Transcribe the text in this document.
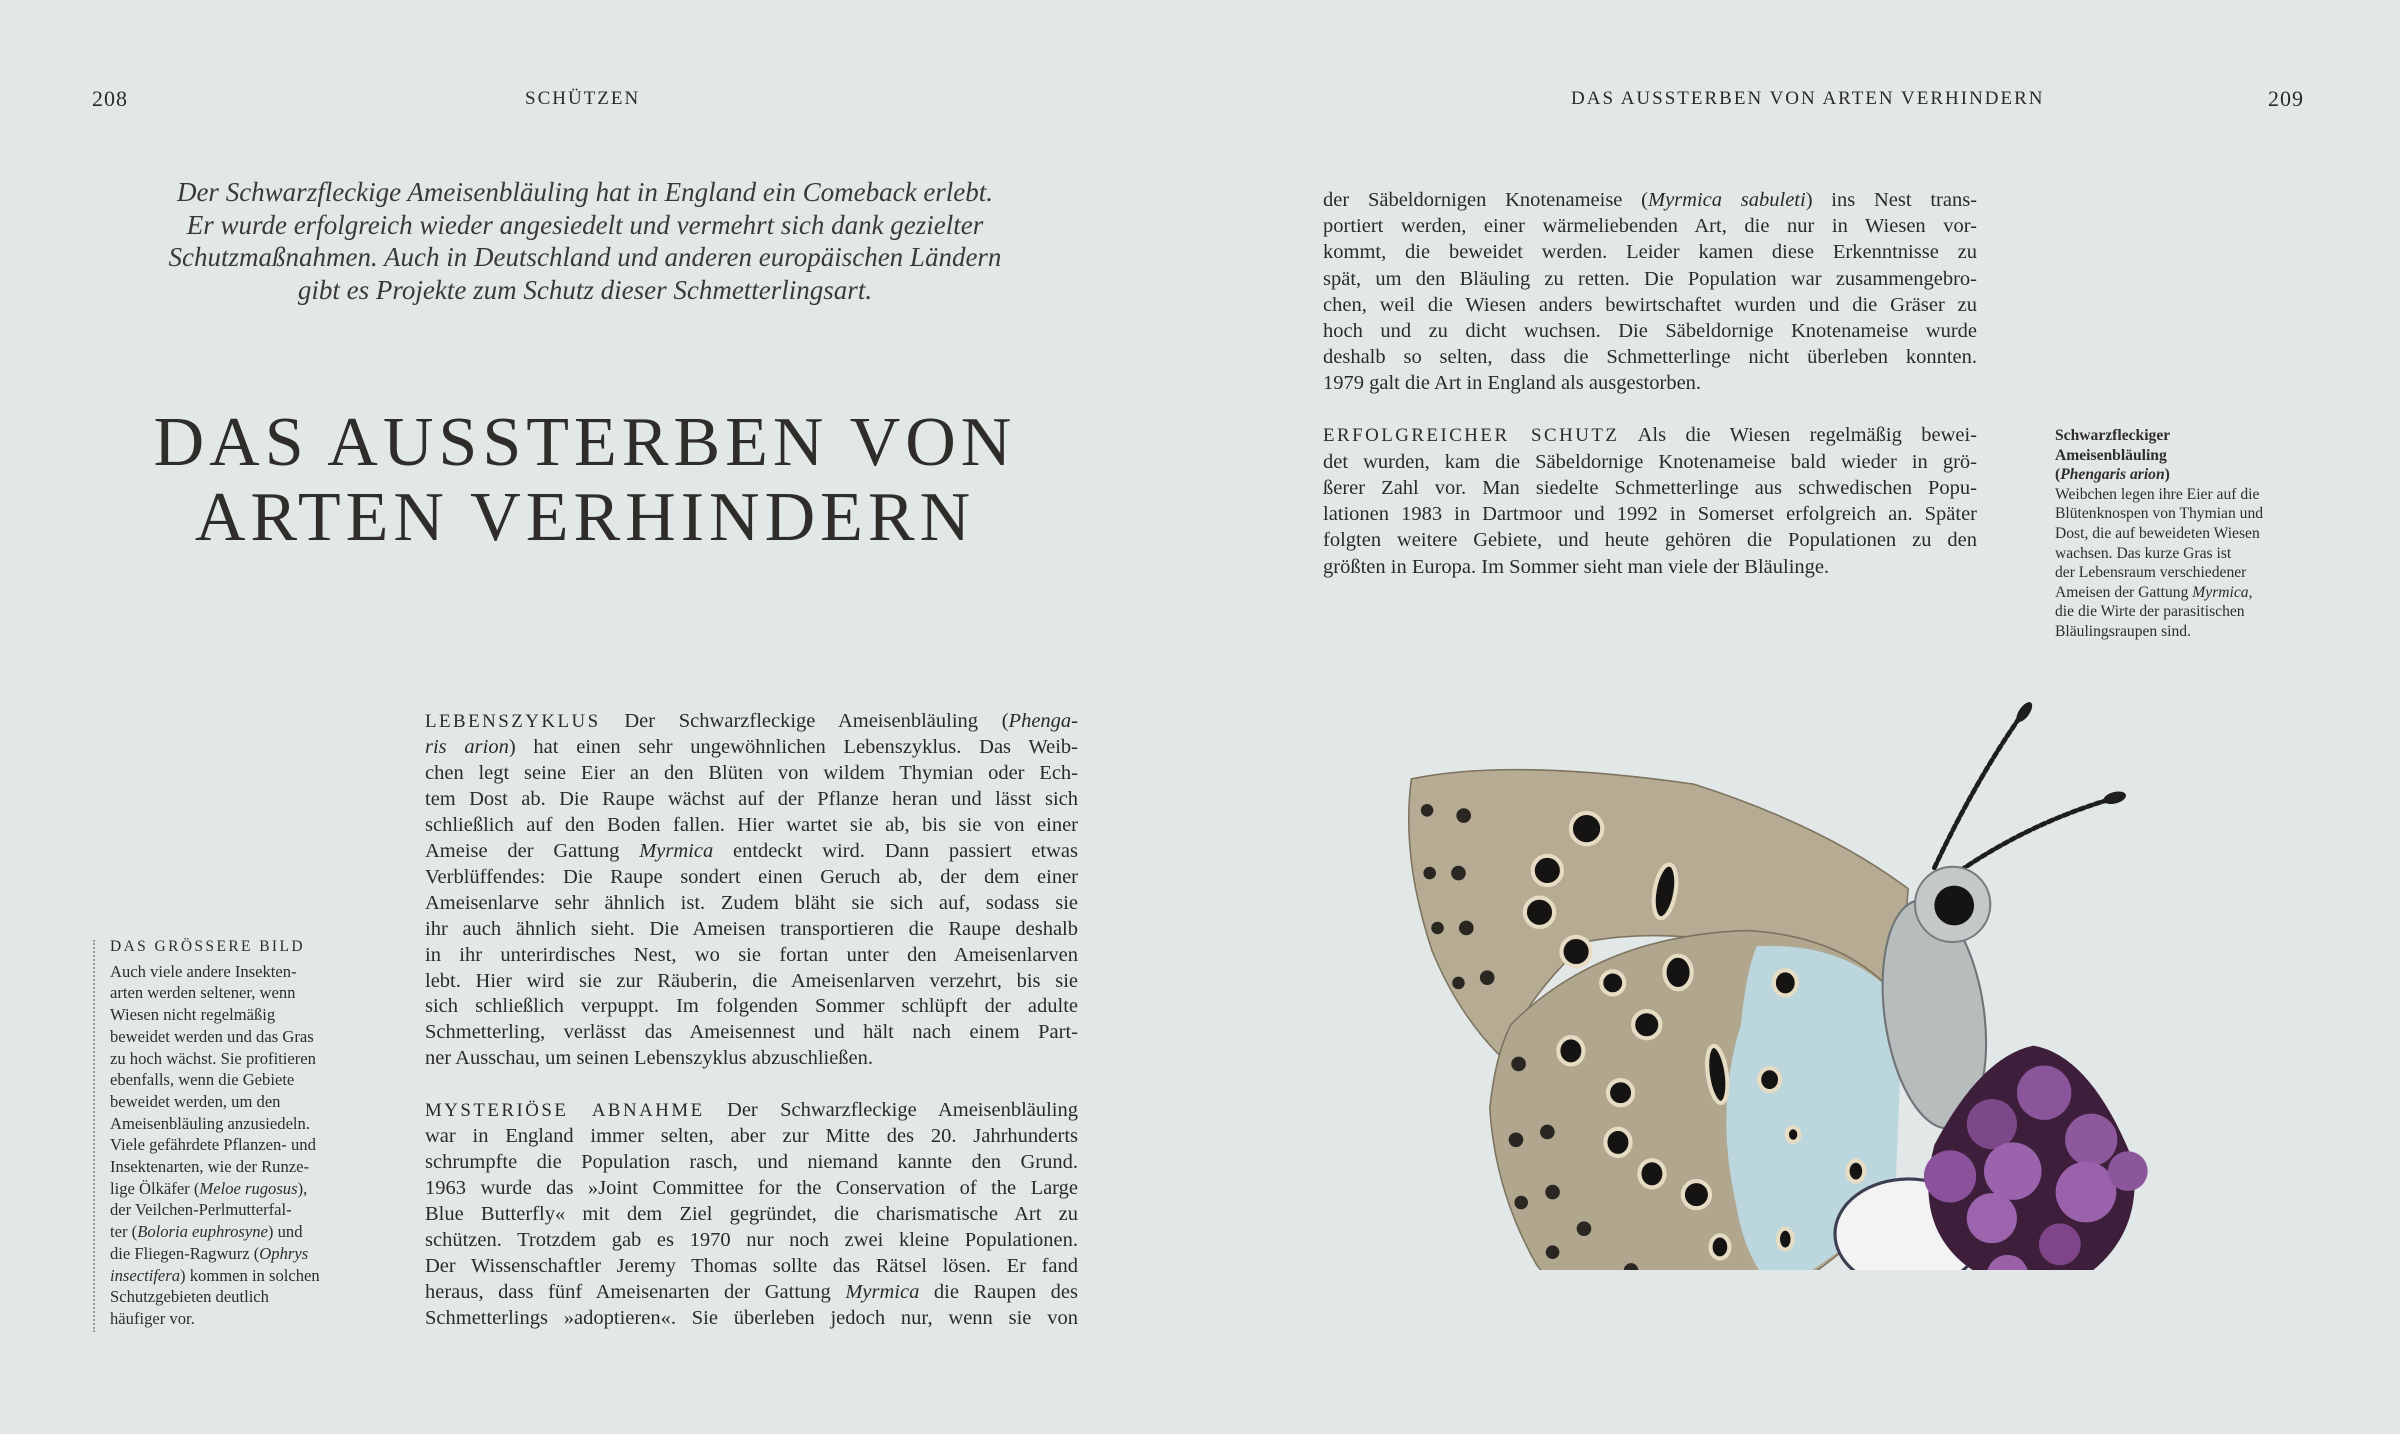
208	SCHÜTZEN	DAS AUSSTERBEN VON ARTEN VERHINDERN	209
Der Schwarzfleckige Ameisenbläuling hat in England ein Comeback erlebt.
Er wurde erfolgreich wieder angesiedelt und vermehrt sich dank gezielter
Schutzmaßnahmen. Auch in Deutschland und anderen europäischen Ländern
gibt es Projekte zum Schutz dieser Schmetterlingsart.
DAS AUSSTERBEN VON
ARTEN VERHINDERN
DAS GRÖSSERE BILD
Auch viele andere Insekten-
arten werden seltener, wenn
Wiesen nicht regelmäßig
beweidet werden und das Gras
zu hoch wächst. Sie profitieren
ebenfalls, wenn die Gebiete
beweidet werden, um den
Ameisenbläuling anzusiedeln.
Viele gefährdete Pflanzen- und
Insektenarten, wie der Runze-
lige Ölkäfer (Meloe rugosus),
der Veilchen-Perlmutterfal-
ter (Boloria euphrosyne) und
die Fliegen-Ragwurz (Ophrys
insectifera) kommen in solchen
Schutzgebieten deutlich
häufiger vor.
LEBENSZYKLUS Der Schwarzfleckige Ameisenbläuling (Phenga-
ris arion) hat einen sehr ungewöhnlichen Lebenszyklus. Das Weib-
chen legt seine Eier an den Blüten von wildem Thymian oder Ech-
tem Dost ab. Die Raupe wächst auf der Pflanze heran und lässt sich
schließlich auf den Boden fallen. Hier wartet sie ab, bis sie von einer
Ameise der Gattung Myrmica entdeckt wird. Dann passiert etwas
Verblüffendes: Die Raupe sondert einen Geruch ab, der dem einer
Ameisenlarve sehr ähnlich ist. Zudem bläht sie sich auf, sodass sie
ihr auch ähnlich sieht. Die Ameisen transportieren die Raupe deshalb
in ihr unterirdisches Nest, wo sie fortan unter den Ameisenlarven
lebt. Hier wird sie zur Räuberin, die Ameisenlarven verzehrt, bis sie
sich schließlich verpuppt. Im folgenden Sommer schlüpft der adulte
Schmetterling, verlässt das Ameisennest und hält nach einem Part-
ner Ausschau, um seinen Lebenszyklus abzuschließen.
MYSTERIÖSE ABNAHME Der Schwarzfleckige Ameisenbläuling
war in England immer selten, aber zur Mitte des 20. Jahrhunderts
schrumpfte die Population rasch, und niemand kannte den Grund.
1963 wurde das »Joint Committee for the Conservation of the Large
Blue Butterfly« mit dem Ziel gegründet, die charismatische Art zu
schützen. Trotzdem gab es 1970 nur noch zwei kleine Populationen.
Der Wissenschaftler Jeremy Thomas sollte das Rätsel lösen. Er fand
heraus, dass fünf Ameisenarten der Gattung Myrmica die Raupen des
Schmetterlings »adoptieren«. Sie überleben jedoch nur, wenn sie von
der Säbeldornigen Knotenameise (Myrmica sabuleti) ins Nest trans-
portiert werden, einer wärmeliebenden Art, die nur in Wiesen vor-
kommt, die beweidet werden. Leider kamen diese Erkenntnisse zu
spät, um den Bläuling zu retten. Die Population war zusammengebro-
chen, weil die Wiesen anders bewirtschaftet wurden und die Gräser zu
hoch und zu dicht wuchsen. Die Säbeldornige Knotenameise wurde
deshalb so selten, dass die Schmetterlinge nicht überleben konnten.
1979 galt die Art in England als ausgestorben.
ERFOLGREICHER SCHUTZ Als die Wiesen regelmäßig bewei-
det wurden, kam die Säbeldornige Knotenameise bald wieder in grö-
ßerer Zahl vor. Man siedelte Schmetterlinge aus schwedischen Popu-
lationen 1983 in Dartmoor und 1992 in Somerset erfolgreich an. Später
folgten weitere Gebiete, und heute gehören die Populationen zu den
größten in Europa. Im Sommer sieht man viele der Bläulinge.
Schwarzfleckiger
Ameisenbläuling
(Phengaris arion)
Weibchen legen ihre Eier auf die
Blütenknospen von Thymian und
Dost, die auf beweideten Wiesen
wachsen. Das kurze Gras ist
der Lebensraum verschiedener
Ameisen der Gattung Myrmica,
die die Wirte der parasitischen
Bläulingsraupen sind.
